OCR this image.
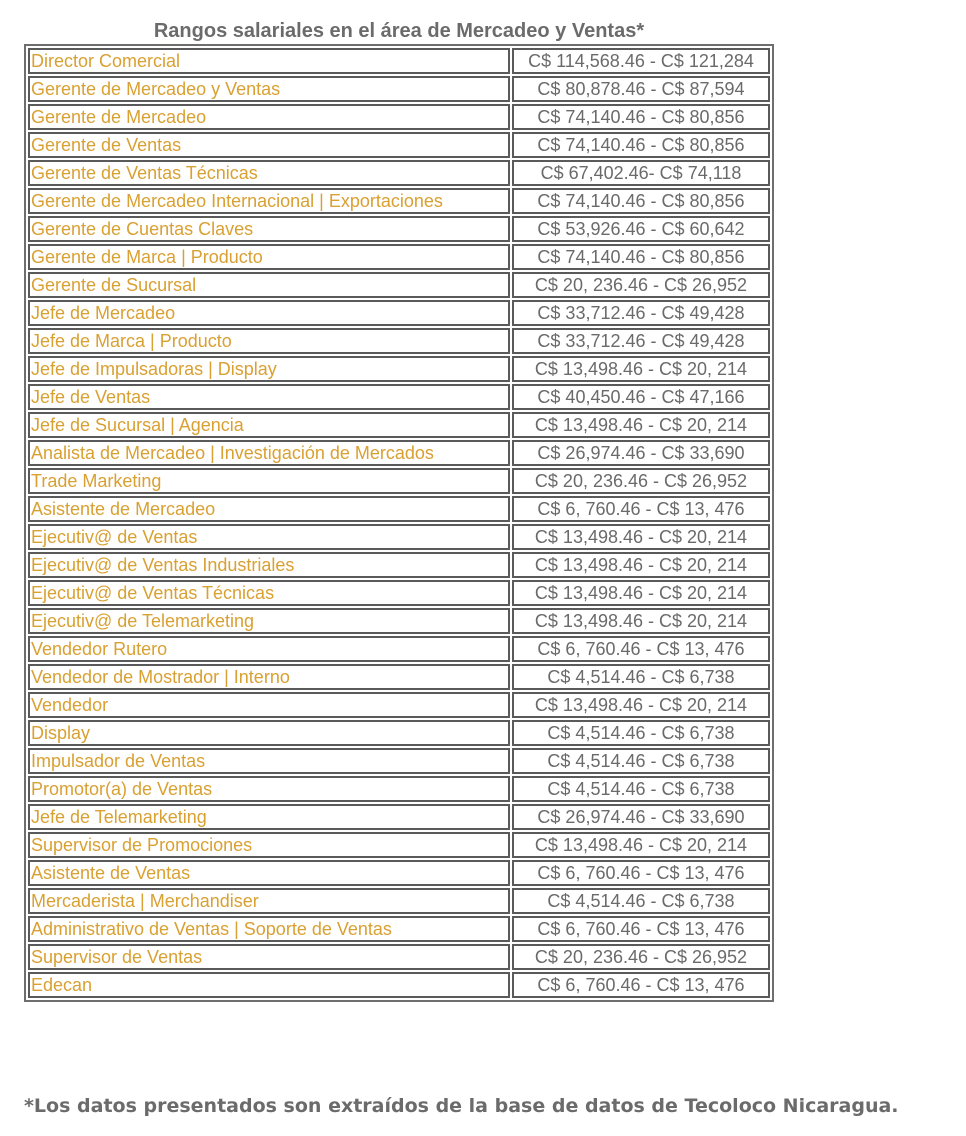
Rangos salariales en el área de Mercadeo y Ventas*
Director Comercial	C$ 114,568.46 - C$ 121,284
Gerente de Mercadeo y Ventas	C$ 80,878.46 - C$ 87,594
Gerente de Mercadeo	C$ 74,140.46 - C$ 80,856
Gerente de Ventas	C$ 74,140.46 - C$ 80,856
Gerente de Ventas Técnicas	C$ 67,402.46- C$ 74,118
Gerente de Mercadeo Internacional | Exportaciones	C$ 74,140.46 - C$ 80,856
Gerente de Cuentas Claves	C$ 53,926.46 - C$ 60,642
Gerente de Marca | Producto	C$ 74,140.46 - C$ 80,856
Gerente de Sucursal	C$ 20, 236.46 - C$ 26,952
Jefe de Mercadeo	C$ 33,712.46 - C$ 49,428
Jefe de Marca | Producto	C$ 33,712.46 - C$ 49,428
Jefe de Impulsadoras | Display	C$ 13,498.46 - C$ 20, 214
Jefe de Ventas	C$ 40,450.46 - C$ 47,166
Jefe de Sucursal | Agencia	C$ 13,498.46 - C$ 20, 214
Analista de Mercadeo | Investigación de Mercados	C$ 26,974.46 - C$ 33,690
Trade Marketing	C$ 20, 236.46 - C$ 26,952
Asistente de Mercadeo	C$ 6, 760.46 - C$ 13, 476
Ejecutiv@ de Ventas	C$ 13,498.46 - C$ 20, 214
Ejecutiv@ de Ventas Industriales	C$ 13,498.46 - C$ 20, 214
Ejecutiv@ de Ventas Técnicas	C$ 13,498.46 - C$ 20, 214
Ejecutiv@ de Telemarketing	C$ 13,498.46 - C$ 20, 214
Vendedor Rutero	C$ 6, 760.46 - C$ 13, 476
Vendedor de Mostrador | Interno	C$ 4,514.46 - C$ 6,738
Vendedor	C$ 13,498.46 - C$ 20, 214
Display	C$ 4,514.46 - C$ 6,738
Impulsador de Ventas	C$ 4,514.46 - C$ 6,738
Promotor(a) de Ventas	C$ 4,514.46 - C$ 6,738
Jefe de Telemarketing	C$ 26,974.46 - C$ 33,690
Supervisor de Promociones	C$ 13,498.46 - C$ 20, 214
Asistente de Ventas	C$ 6, 760.46 - C$ 13, 476
Mercaderista | Merchandiser	C$ 4,514.46 - C$ 6,738
Administrativo de Ventas | Soporte de Ventas	C$ 6, 760.46 - C$ 13, 476
Supervisor de Ventas	C$ 20, 236.46 - C$ 26,952
Edecan	C$ 6, 760.46 - C$ 13, 476
*Los datos presentados son extraídos de la base de datos de Tecoloco Nicaragua.
